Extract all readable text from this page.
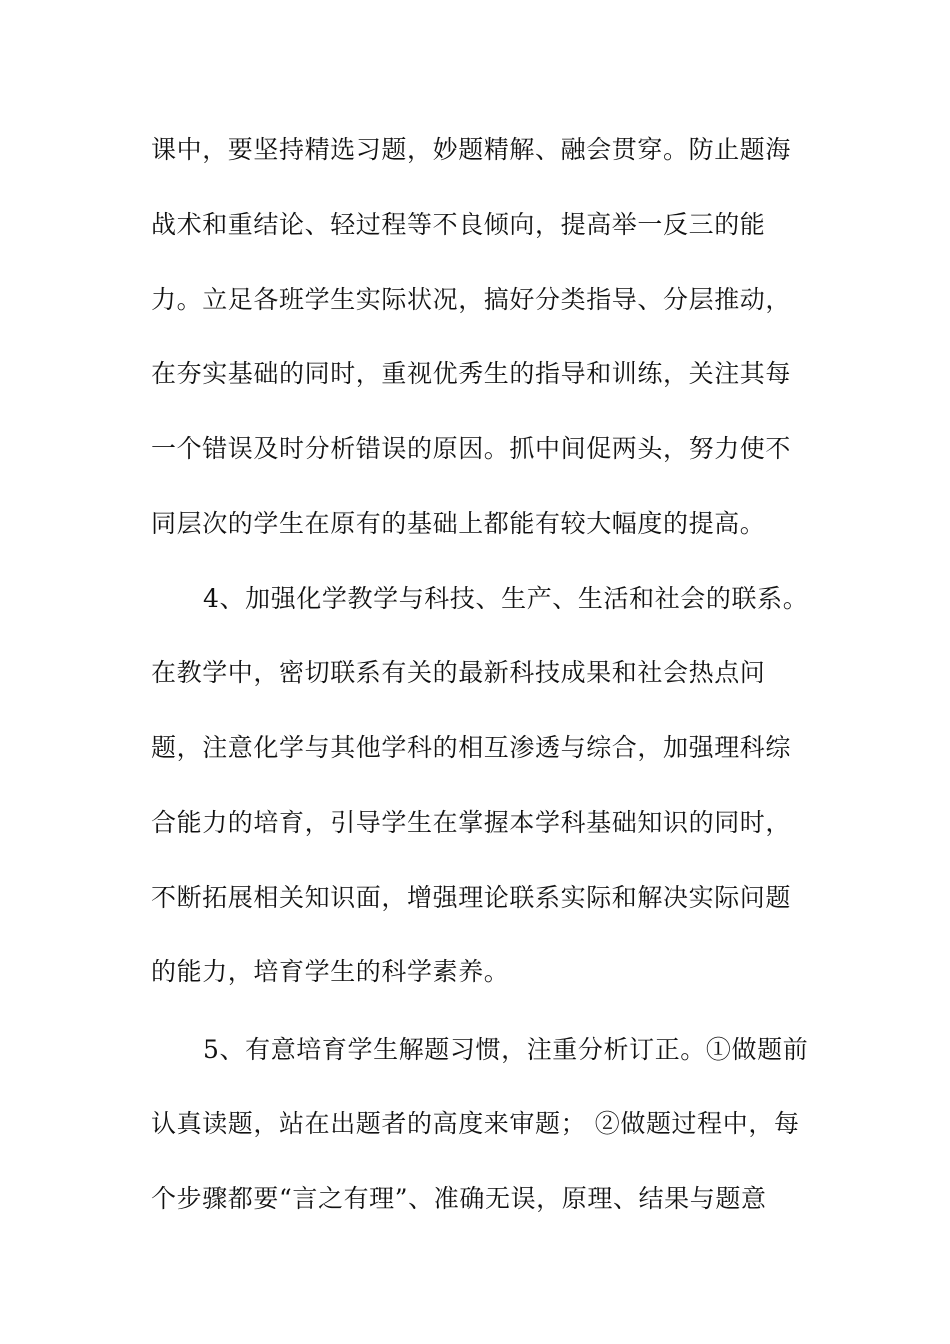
课中，要坚持精选习题，妙题精解、融会贯穿。防止题海
战术和重结论、轻过程等不良倾向，提高举一反三的能
力。立足各班学生实际状况，搞好分类指导、分层推动，
在夯实基础的同时，重视优秀生的指导和训练，关注其每
一个错误及时分析错误的原因。抓中间促两头，努力使不
同层次的学生在原有的基础上都能有较大幅度的提高。
4、加强化学教学与科技、生产、生活和社会的联系。
在教学中，密切联系有关的最新科技成果和社会热点问
题，注意化学与其他学科的相互渗透与综合，加强理科综
合能力的培育，引导学生在掌握本学科基础知识的同时，
不断拓展相关知识面，增强理论联系实际和解决实际问题
的能力，培育学生的科学素养。
5、有意培育学生解题习惯，注重分析订正。①做题前
认真读题，站在出题者的高度来审题； ②做题过程中，每
个步骤都要“言之有理”、准确无误，原理、结果与题意
